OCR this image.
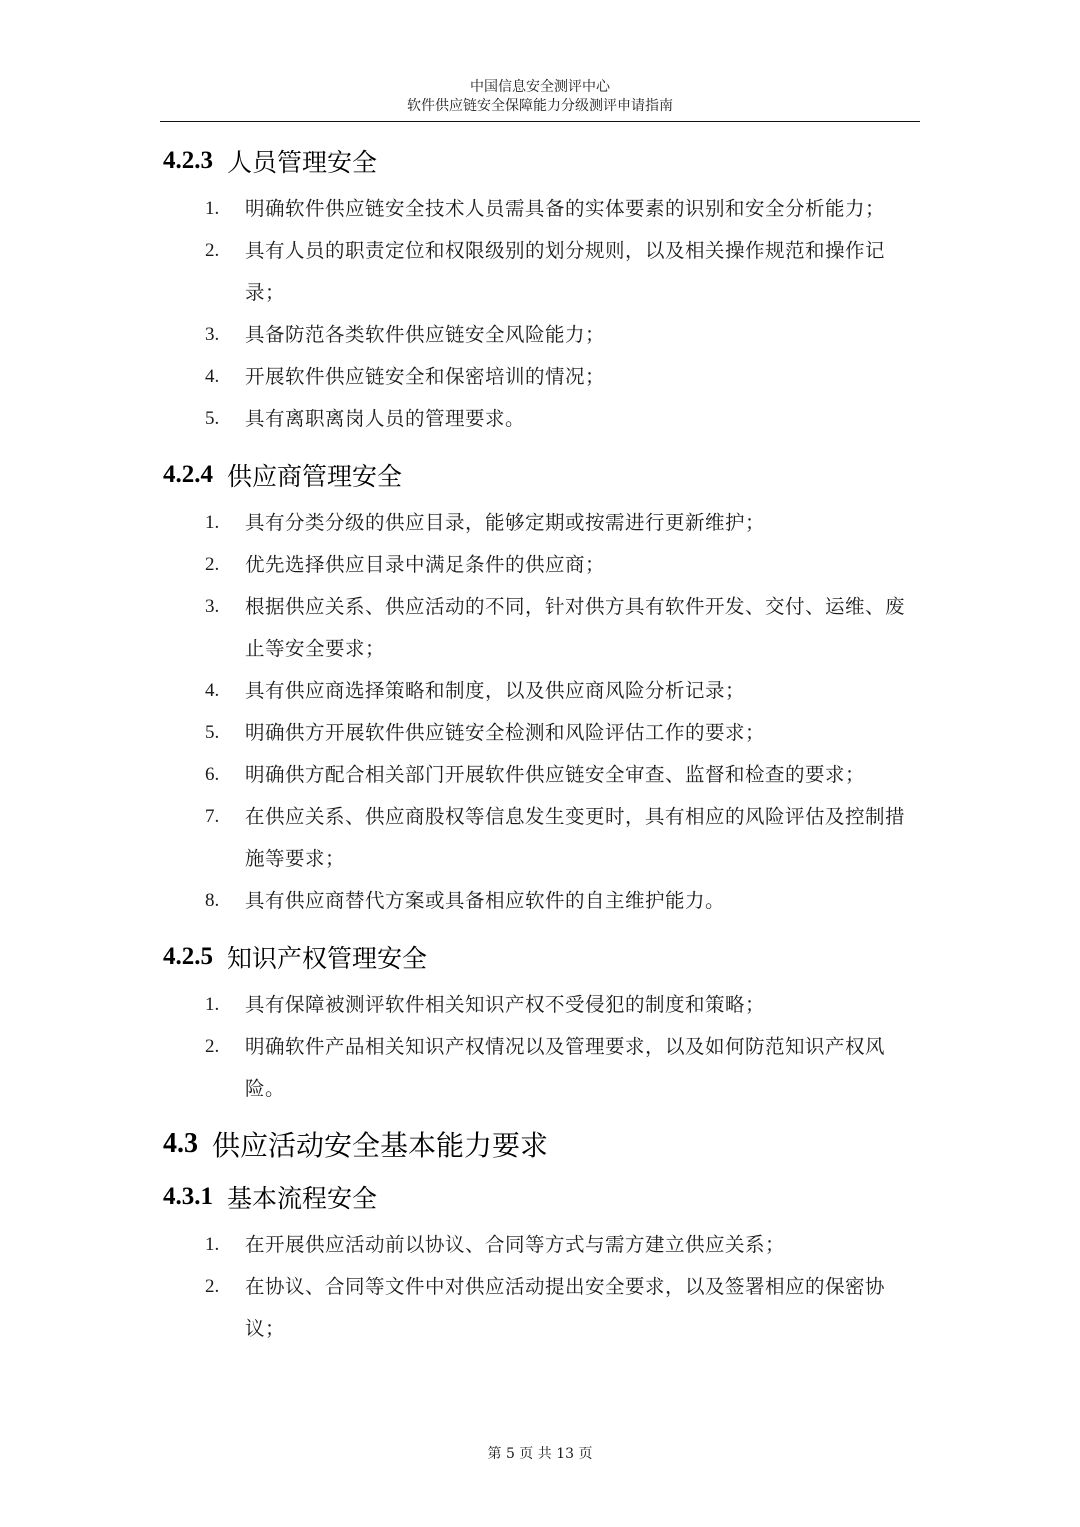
中国信息安全测评中心
软件供应链安全保障能力分级测评申请指南
4.2.3 人员管理安全
1.	明确软件供应链安全技术人员需具备的实体要素的识别和安全分析能力；
2.	具有人员的职责定位和权限级别的划分规则，以及相关操作规范和操作记录；
3.	具备防范各类软件供应链安全风险能力；
4.	开展软件供应链安全和保密培训的情况；
5.	具有离职离岗人员的管理要求。
4.2.4 供应商管理安全
1.	具有分类分级的供应目录，能够定期或按需进行更新维护；
2.	优先选择供应目录中满足条件的供应商；
3.	根据供应关系、供应活动的不同，针对供方具有软件开发、交付、运维、废止等安全要求；
4.	具有供应商选择策略和制度，以及供应商风险分析记录；
5.	明确供方开展软件供应链安全检测和风险评估工作的要求；
6.	明确供方配合相关部门开展软件供应链安全审查、监督和检查的要求；
7.	在供应关系、供应商股权等信息发生变更时，具有相应的风险评估及控制措施等要求；
8.	具有供应商替代方案或具备相应软件的自主维护能力。
4.2.5 知识产权管理安全
1.	具有保障被测评软件相关知识产权不受侵犯的制度和策略；
2.	明确软件产品相关知识产权情况以及管理要求，以及如何防范知识产权风险。
4.3 供应活动安全基本能力要求
4.3.1 基本流程安全
1.	在开展供应活动前以协议、合同等方式与需方建立供应关系；
2.	在协议、合同等文件中对供应活动提出安全要求，以及签署相应的保密协议；
第 5 页 共 13 页
